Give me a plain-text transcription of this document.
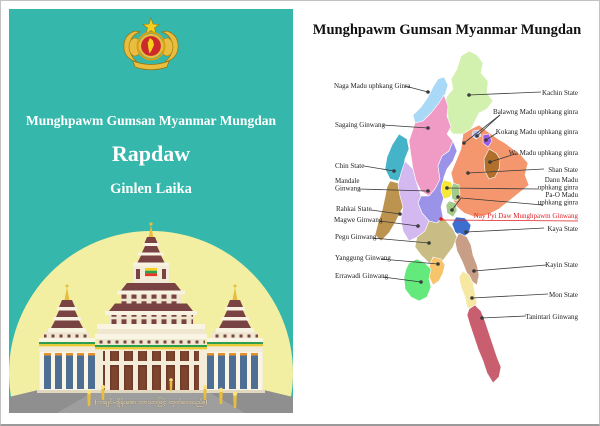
Munghpawm Gumsan Myanmar Mungdan
Rapdaw
Ginlen Laika
(ကချင်-ဂျိန်းဖော ဘာသာဖြင့် ထုတ်ဝေသည်။)
Munghpawm Gumsan Myanmar Mungdan
Kachin State
Naga Madu uphkang Ginra
Sagaing Ginwang
Chin State
Mandale
Ginwang
Shan State
Rahkai State
Magwe Ginwang
Balawng Madu uphkang ginra
Kokang Madu uphkang ginra
Wa Madu uphkang ginra
Danu Madu
uphkang ginra
Pa-O Madu
uphkang ginra
Nay Pyi Daw Munghpawm Ginwang
Kaya State
Pegu Ginwang
Yanggung Ginwang
Errawadi Ginwang
Kayin State
Mon State
Tanintari Ginwang
